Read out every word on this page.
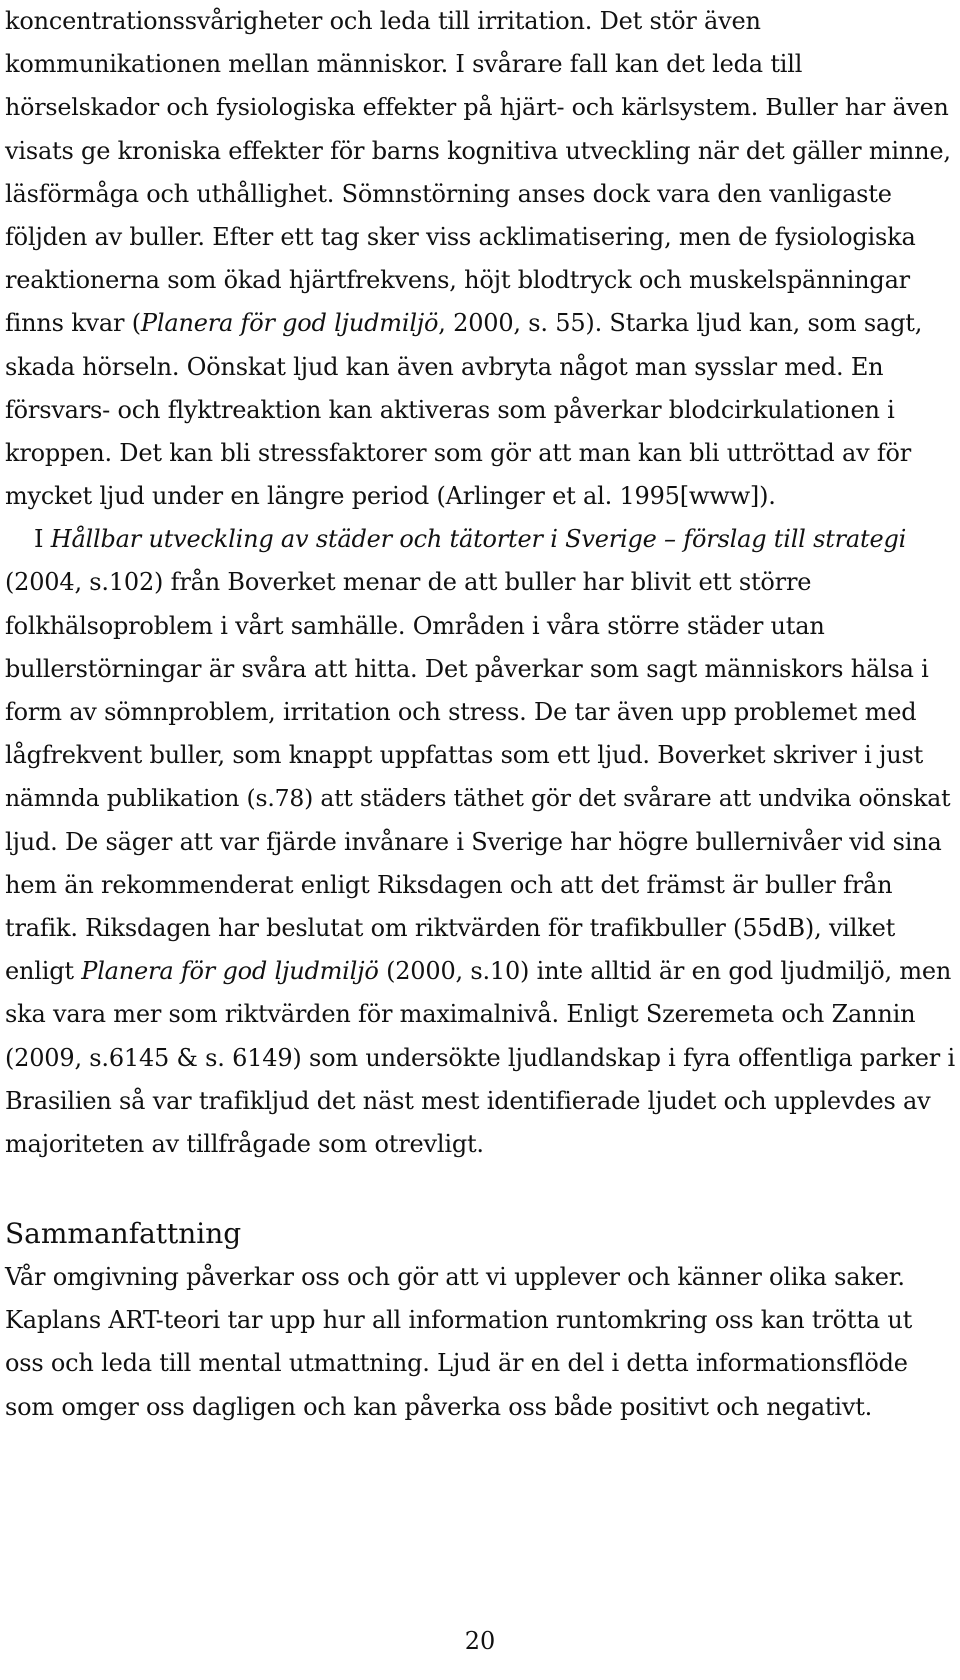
koncentrationssvårigheter och leda till irritation. Det stör även
kommunikationen mellan människor. I svårare fall kan det leda till
hörselskador och fysiologiska effekter på hjärt- och kärlsystem. Buller har även
visats ge kroniska effekter för barns kognitiva utveckling när det gäller minne,
läsförmåga och uthållighet. Sömnstörning anses dock vara den vanligaste
följden av buller. Efter ett tag sker viss acklimatisering, men de fysiologiska
reaktionerna som ökad hjärtfrekvens, höjt blodtryck och muskelspänningar
finns kvar (Planera för god ljudmiljö, 2000, s. 55). Starka ljud kan, som sagt,
skada hörseln. Oönskat ljud kan även avbryta något man sysslar med. En
försvars- och flyktreaktion kan aktiveras som påverkar blodcirkulationen i
kroppen. Det kan bli stressfaktorer som gör att man kan bli uttröttad av för
mycket ljud under en längre period (Arlinger et al. 1995[www]).
I Hållbar utveckling av städer och tätorter i Sverige – förslag till strategi
(2004, s.102) från Boverket menar de att buller har blivit ett större
folkhälsoproblem i vårt samhälle. Områden i våra större städer utan
bullerstörningar är svåra att hitta. Det påverkar som sagt människors hälsa i
form av sömnproblem, irritation och stress. De tar även upp problemet med
lågfrekvent buller, som knappt uppfattas som ett ljud. Boverket skriver i just
nämnda publikation (s.78) att städers täthet gör det svårare att undvika oönskat
ljud. De säger att var fjärde invånare i Sverige har högre bullernivåer vid sina
hem än rekommenderat enligt Riksdagen och att det främst är buller från
trafik. Riksdagen har beslutat om riktvärden för trafikbuller (55dB), vilket
enligt Planera för god ljudmiljö (2000, s.10) inte alltid är en god ljudmiljö, men
ska vara mer som riktvärden för maximalnivå. Enligt Szeremeta och Zannin
(2009, s.6145 & s. 6149) som undersökte ljudlandskap i fyra offentliga parker i
Brasilien så var trafikljud det näst mest identifierade ljudet och upplevdes av
majoriteten av tillfrågade som otrevligt.
Sammanfattning
Vår omgivning påverkar oss och gör att vi upplever och känner olika saker.
Kaplans ART-teori tar upp hur all information runtomkring oss kan trötta ut
oss och leda till mental utmattning. Ljud är en del i detta informationsflöde
som omger oss dagligen och kan påverka oss både positivt och negativt.
20
